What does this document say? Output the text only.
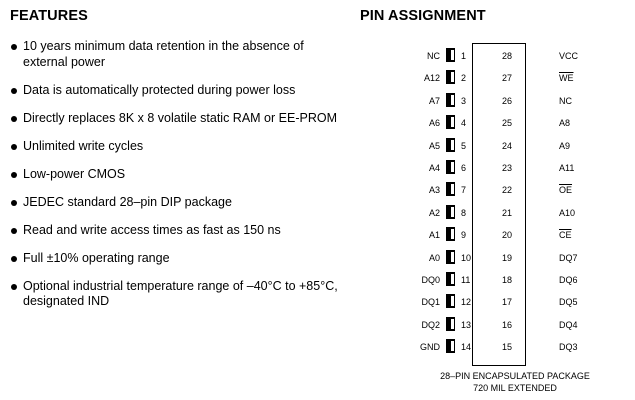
FEATURES
10 years minimum data retention in the absence of external power
Data is automatically protected during power loss
Directly replaces 8K x 8 volatile static RAM or EE-PROM
Unlimited write cycles
Low-power CMOS
JEDEC standard 28–pin DIP package
Read and write access times as fast as 150 ns
Full ±10% operating range
Optional industrial temperature range of –40°C to +85°C, designated IND
PIN ASSIGNMENT
NC 1
A12 2
A7 3
A6 4
A5 5
A4 6
A3 7
A2 8
A1 9
A0 10
DQ0 11
DQ1 12
DQ2 13
GND 14
VCC
28
$\overline{WE}$
27
NC
26
A8
25
A9
24
A11
23
$\overline{OE}$
22
A10
21
$\overline{CE}$
20
DQ7
19
DQ6
18
DQ5
17
DQ4
16
DQ3
15
28–PIN ENCAPSULATED PACKAGE
720 MIL EXTENDED
